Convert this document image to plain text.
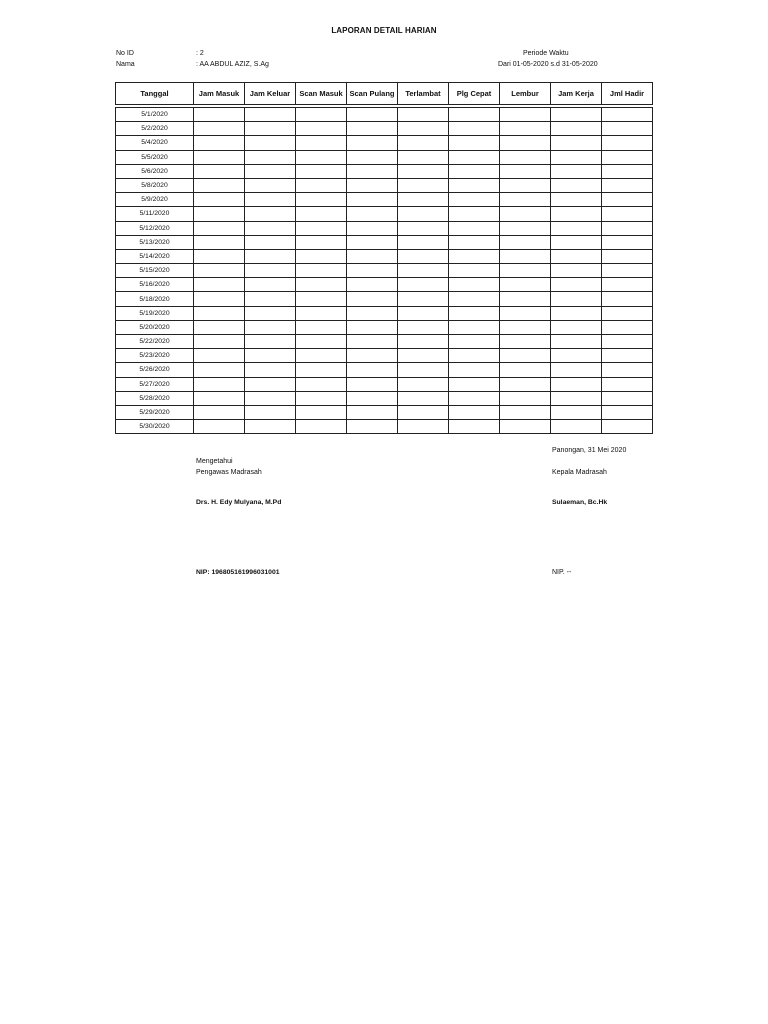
LAPORAN DETAIL HARIAN
No ID	: 2
Nama	: AA ABDUL AZIZ, S.Ag
Periode Waktu
Dari 01-05-2020 s.d 31-05-2020
Tanggal	Jam Masuk	Jam Keluar	Scan Masuk	Scan Pulang	Terlambat	Plg Cepat	Lembur	Jam Kerja	Jml Hadir

5/1/2020									
5/2/2020									
5/4/2020									
5/5/2020									
5/6/2020									
5/8/2020									
5/9/2020									
5/11/2020									
5/12/2020									
5/13/2020									
5/14/2020									
5/15/2020									
5/16/2020									
5/18/2020									
5/19/2020									
5/20/2020									
5/22/2020									
5/23/2020									
5/26/2020									
5/27/2020									
5/28/2020									
5/29/2020									
5/30/2020									
Panongan, 31 Mei 2020
Mengetahui
Pengawas Madrasah	Kepala Madrasah
Drs. H. Edy Mulyana, M.Pd	Sulaeman, Bc.Hk
NIP: 196805161996031001	NIP. --
